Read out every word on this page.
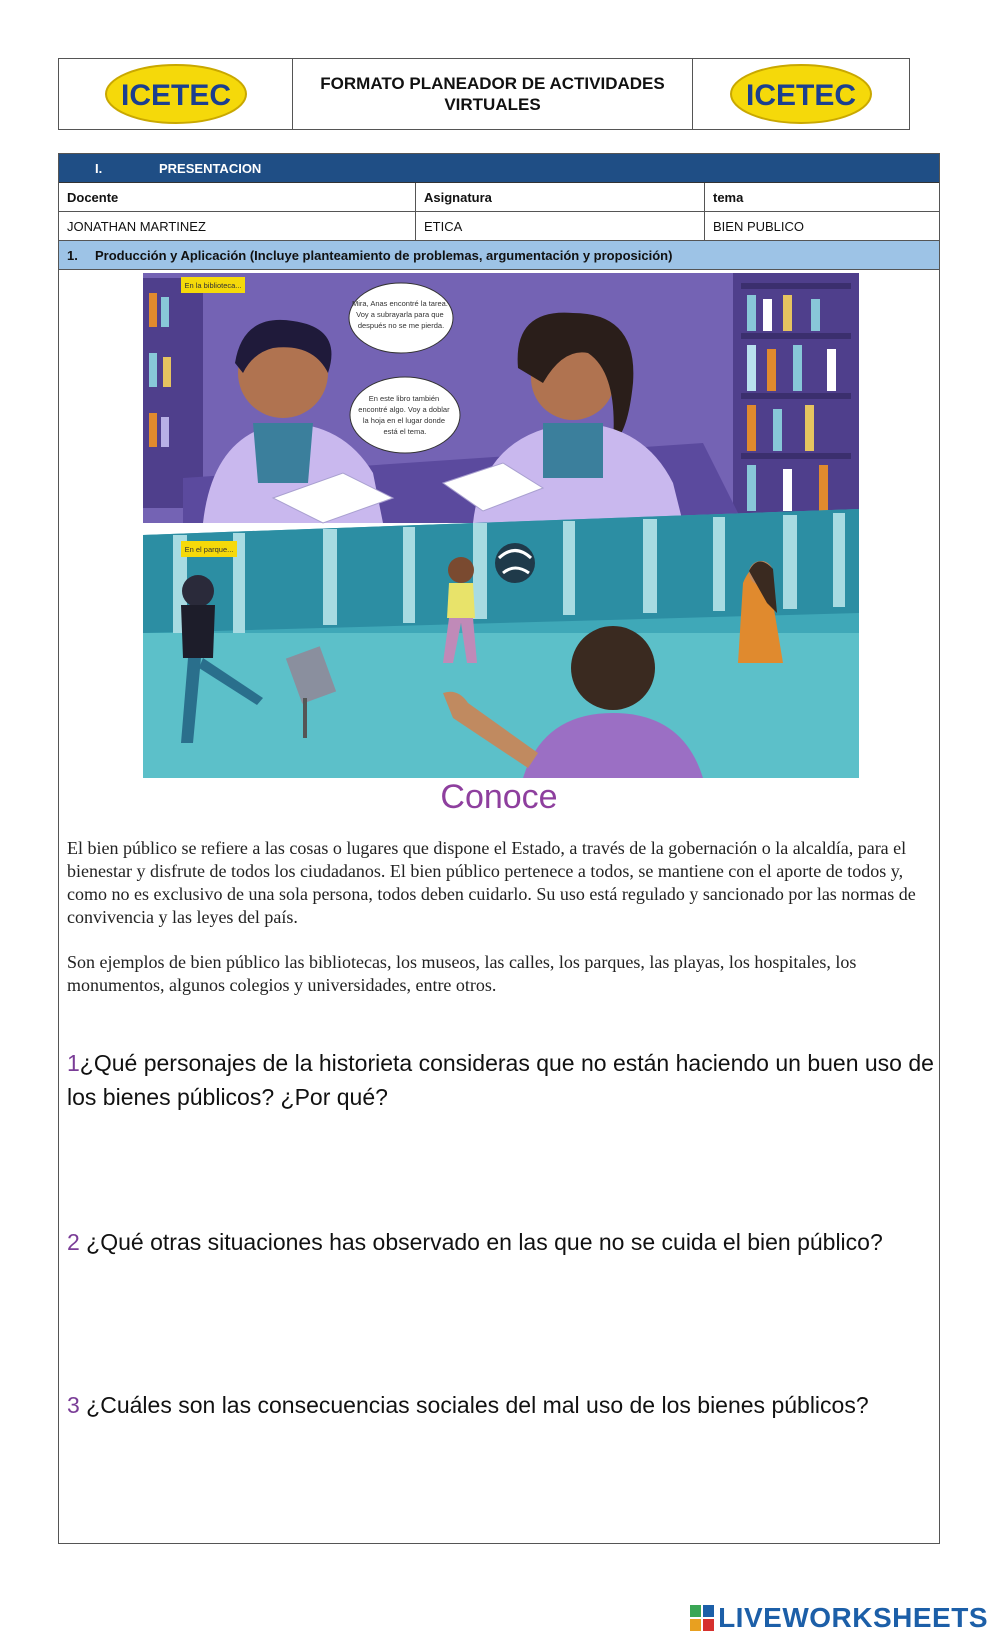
ICETEC	FORMATO PLANEADOR DE ACTIVIDADES VIRTUALES	ICETEC
I.	PRESENTACION
Docente	Asignatura	tema
JONATHAN MARTINEZ	ETICA	BIEN PUBLICO
1.	Producción y Aplicación (Incluye planteamiento de problemas, argumentación y proposición)
Mira, Anas encontré la tarea. Voy a subrayarla para que después no se me pierda.
En este libro también encontré algo. Voy a doblar la hoja en el lugar donde está el tema.
En la biblioteca...
En el parque...
Conoce

El bien público se refiere a las cosas o lugares que dispone el Estado, a través de la gobernación o la alcaldía, para el bienestar y disfrute de todos los ciudadanos. El bien público pertenece a todos, se mantiene con el aporte de todos y, como no es exclusivo de una sola persona, todos deben cuidarlo. Su uso está regulado y sancionado por las normas de convivencia y las leyes del país.

Son ejemplos de bien público las bibliotecas, los museos, las calles, los parques, las playas, los hospitales, los monumentos, algunos colegios y universidades, entre otros.

1¿Qué personajes de la historieta consideras que no están haciendo un buen uso de los bienes públicos? ¿Por qué?

2 ¿Qué otras situaciones has observado en las que no se cuida el bien público?

3 ¿Cuáles son las consecuencias sociales del mal uso de los bienes públicos?

LIVEWORKSHEETS
